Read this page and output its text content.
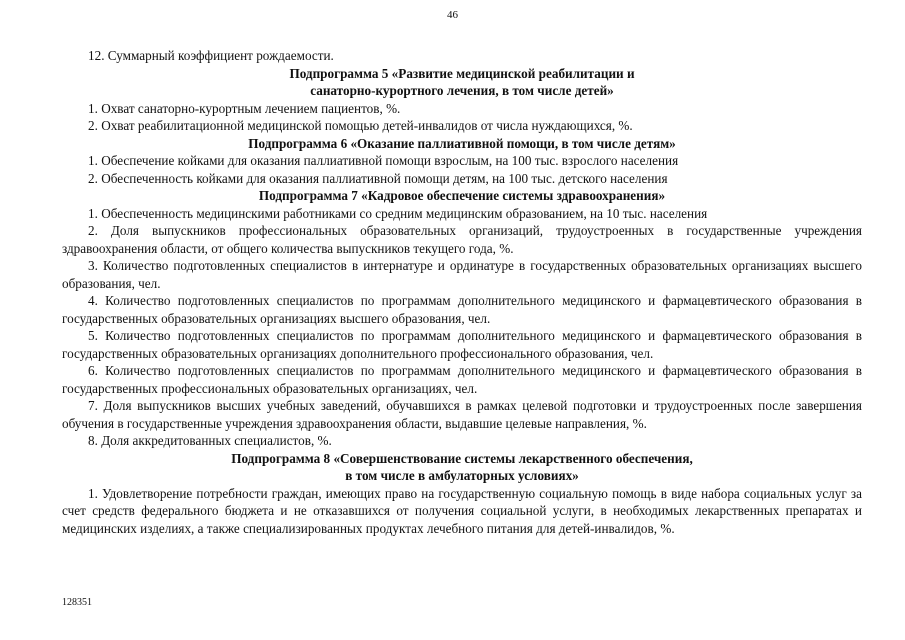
46

12. Суммарный коэффициент рождаемости.

Подпрограмма 5 «Развитие медицинской реабилитации и

санаторно-курортного лечения, в том числе детей»

1. Охват санаторно-курортным лечением пациентов, %.

2. Охват реабилитационной медицинской помощью детей-инвалидов от числа нуждающихся, %.

Подпрограмма 6 «Оказание паллиативной помощи, в том числе детям»

1. Обеспечение койками для оказания паллиативной помощи взрослым, на 100 тыс. взрослого населения

2. Обеспеченность койками для оказания паллиативной помощи детям, на 100 тыс. детского населения

Подпрограмма 7 «Кадровое обеспечение системы здравоохранения»

1. Обеспеченность медицинскими работниками со средним медицинским образованием, на 10 тыс. населения

2. Доля выпускников профессиональных образовательных организаций, трудоустроенных в государственные учреждения здравоохранения области, от общего количества выпускников текущего года, %.

3. Количество подготовленных специалистов в интернатуре и ординатуре в государственных образовательных организациях высшего образования, чел.

4. Количество подготовленных специалистов по программам дополнительного медицинского и фармацевтического образования в государственных образовательных организациях высшего образования, чел.

5. Количество подготовленных специалистов по программам дополнительного медицинского и фармацевтического образования в государственных образовательных организациях дополнительного профессионального образования, чел.

6. Количество подготовленных специалистов по программам дополнительного медицинского и фармацевтического образования в государственных профессиональных образовательных организациях, чел.

7. Доля выпускников высших учебных заведений, обучавшихся в рамках целевой подготовки и трудоустроенных после завершения обучения в государственные учреждения здравоохранения области, выдавшие целевые направления, %.

8. Доля аккредитованных специалистов, %.

Подпрограмма 8 «Совершенствование системы лекарственного обеспечения,

в том числе в амбулаторных условиях»

1. Удовлетворение потребности граждан, имеющих право на государственную социальную помощь в виде набора социальных услуг за счет средств федерального бюджета и не отказавшихся от получения социальной услуги, в необходимых лекарственных препаратах и медицинских изделиях, а также специализированных продуктах лечебного питания для детей-инвалидов, %.

128351
